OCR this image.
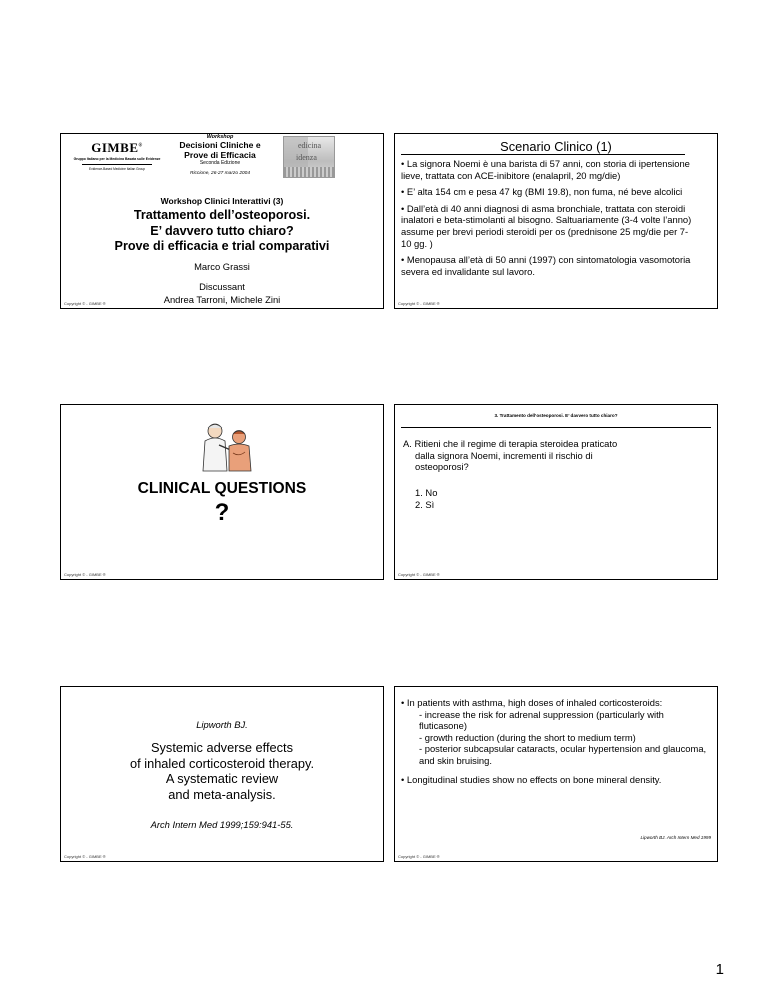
GIMBE®
Gruppo Italiano per la Medicina Basata sulle Evidenze
Evidence-Based Medicine Italian Group
Workshop
Decisioni Cliniche e
Prove di Efficacia
Seconda Edizione
Riccione, 26-27 marzo 2004
edicina
idenza
Workshop Clinici Interattivi (3)
Trattamento dell’osteoporosi.
E’ davvero tutto chiaro?
Prove di efficacia e trial comparativi
Marco Grassi
Discussant
Andrea Tarroni, Michele Zini
Copyright © - GIMBE ®
Scenario Clinico (1)

• La signora Noemi è una barista di 57 anni, con storia di ipertensione lieve, trattata con ACE-inibitore (enalapril, 20 mg/die)

• E’ alta 154 cm e pesa 47 kg (BMI 19.8), non fuma, né beve alcolici

• Dall’età di 40 anni diagnosi di asma bronchiale, trattata con steroidi inalatori e beta-stimolanti al bisogno. Saltuariamente (3-4 volte l’anno) assume per brevi periodi steroidi per os (prednisone 25 mg/die per 7-10 gg. )

• Menopausa all’età di 50 anni (1997) con sintomatologia vasomotoria severa ed invalidante sul lavoro.

Copyright © - GIMBE ®
CLINICAL QUESTIONS
?
Copyright © - GIMBE ®
3. Trattamento dell’osteoporosi. E’ davvero tutto chiaro?
A. Ritieni che il regime di terapia steroidea praticato
dalla signora Noemi, incrementi il rischio di
osteoporosi?
1. No
2. Sì
Copyright © - GIMBE ®
Lipworth BJ.
Systemic adverse effects
of inhaled corticosteroid therapy.
A systematic review
and meta-analysis.
Arch Intern Med 1999;159:941-55.
Copyright © - GIMBE ®
• In patients with asthma, high doses of inhaled corticosteroids:
- increase the risk for adrenal suppression (particularly with fluticasone)
- growth reduction (during the short to medium term)
- posterior subcapsular cataracts, ocular hypertension and glaucoma, and skin bruising.
• Longitudinal studies show no effects on bone mineral density.
Lipworth BJ. Arch Intern Med 1999
Copyright © - GIMBE ®
1
